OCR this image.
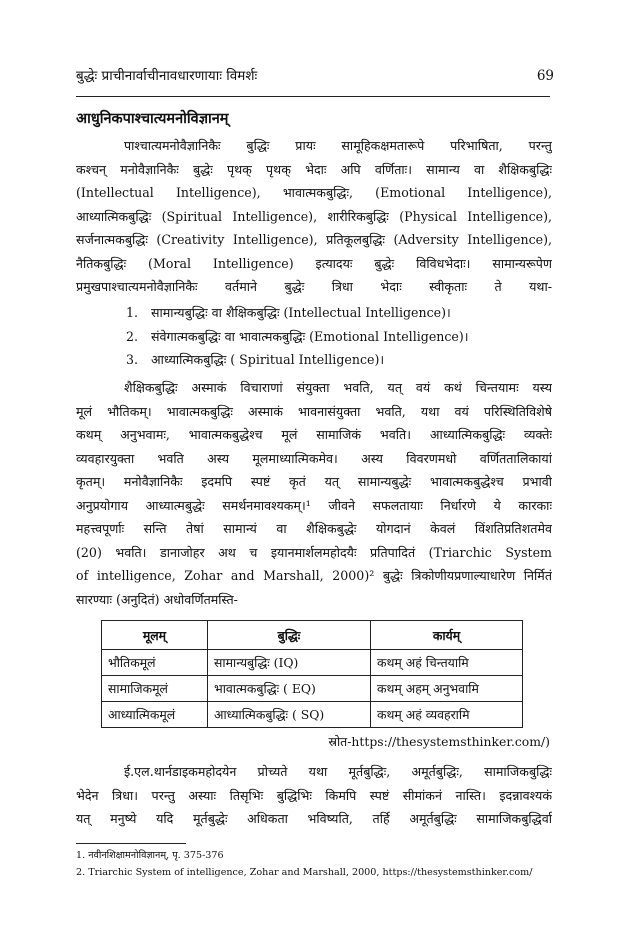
बुद्धेः प्राचीनार्वाचीनावधारणायाः विमर्शः	69
आधुनिकपाश्चात्यमनोविज्ञानम्
पाश्चात्यमनोवैज्ञानिकैः बुद्धिः प्रायः सामूहिकक्षमतारूपे परिभाषिता, परन्तु
कश्चन् मनोवैज्ञानिकैः बुद्धेः पृथक् पृथक् भेदाः अपि वर्णिताः। सामान्य वा शैक्षिकबुद्धिः
(Intellectual Intelligence), भावात्मकबुद्धिः, (Emotional Intelligence),
आध्यात्मिकबुद्धिः (Spiritual Intelligence), शारीरिकबुद्धिः (Physical Intelligence),
सर्जनात्मकबुद्धिः (Creativity Intelligence), प्रतिकूलबुद्धिः (Adversity Intelligence),
नैतिकबुद्धिः (Moral Intelligence) इत्यादयः बुद्धेः विविधभेदाः। सामान्यरूपेण
प्रमुखपाश्चात्यमनोवैज्ञानिकैः वर्तमाने बुद्धेः त्रिधा भेदाः स्वीकृताः ते यथा-
1.	सामान्यबुद्धिः वा शैक्षिकबुद्धिः (Intellectual Intelligence)।
2.	संवेगात्मकबुद्धिः वा भावात्मकबुद्धिः (Emotional Intelligence)।
3.	आध्यात्मिकबुद्धिः ( Spiritual Intelligence)।
शैक्षिकबुद्धिः अस्माकं विचाराणां संयुक्ता भवति, यत् वयं कथं चिन्तयामः यस्य
मूलं भौतिकम्। भावात्मकबुद्धिः अस्माकं भावनासंयुक्ता भवति, यथा वयं परिस्थितिविशेषे
कथम् अनुभवामः, भावात्मकबुद्धेश्च मूलं सामाजिकं भवति। आध्यात्मिकबुद्धिः व्यक्तेः
व्यवहारयुक्ता भवति अस्य मूलमाध्यात्मिकमेव। अस्य विवरणमधो वर्णिततालिकायां
कृतम्। मनोवैज्ञानिकैः इदमपि स्पष्टं कृतं यत् सामान्यबुद्धेः भावात्मकबुद्धेश्च प्रभावी
अनुप्रयोगाय आध्यात्मबुद्धेः समर्थनमावश्यकम्।¹ जीवने सफलतायाः निर्धारणे ये कारकाः
महत्त्वपूर्णाः सन्ति तेषां सामान्यं वा शैक्षिकबुद्धेः योगदानं केवलं विंशतिप्रतिशतमेव
(20) भवति। डानाजोहर अथ च इयानमार्शलमहोदयैः प्रतिपादितं (Triarchic System
of intelligence, Zohar and Marshall, 2000)² बुद्धेः त्रिकोणीयप्रणाल्याधारेण निर्मितं
सारण्याः (अनुदितं) अधोवर्णितमस्ति-
मूलम्	बुद्धिः	कार्यम्
भौतिकमूलं	सामान्यबुद्धिः (IQ)	कथम् अहं चिन्तयामि
सामाजिकमूलं	भावात्मकबुद्धिः ( EQ)	कथम् अहम् अनुभवामि
आध्यात्मिकमूलं	आध्यात्मिकबुद्धिः ( SQ)	कथम् अहं व्यवहरामि
स्रोत-https://thesystemsthinker.com/)
ई.एल.थार्नडाइकमहोदयेन प्रोच्यते यथा मूर्तबुद्धिः, अमूर्तबुद्धिः, सामाजिकबुद्धिः
भेदेन त्रिधा। परन्तु अस्याः तिसृभिः बुद्धिभिः किमपि स्पष्टं सीमांकनं नास्ति। इदन्नावश्यकं
यत् मनुष्ये यदि मूर्तबुद्धेः अधिकता भविष्यति, तर्हि अमूर्तबुद्धिः सामाजिकबुद्धिर्वा
1. नवीनशिक्षामनोविज्ञानम्, पृ. 375-376
2. Triarchic System of intelligence, Zohar and Marshall, 2000, https://thesystemsthinker.com/
